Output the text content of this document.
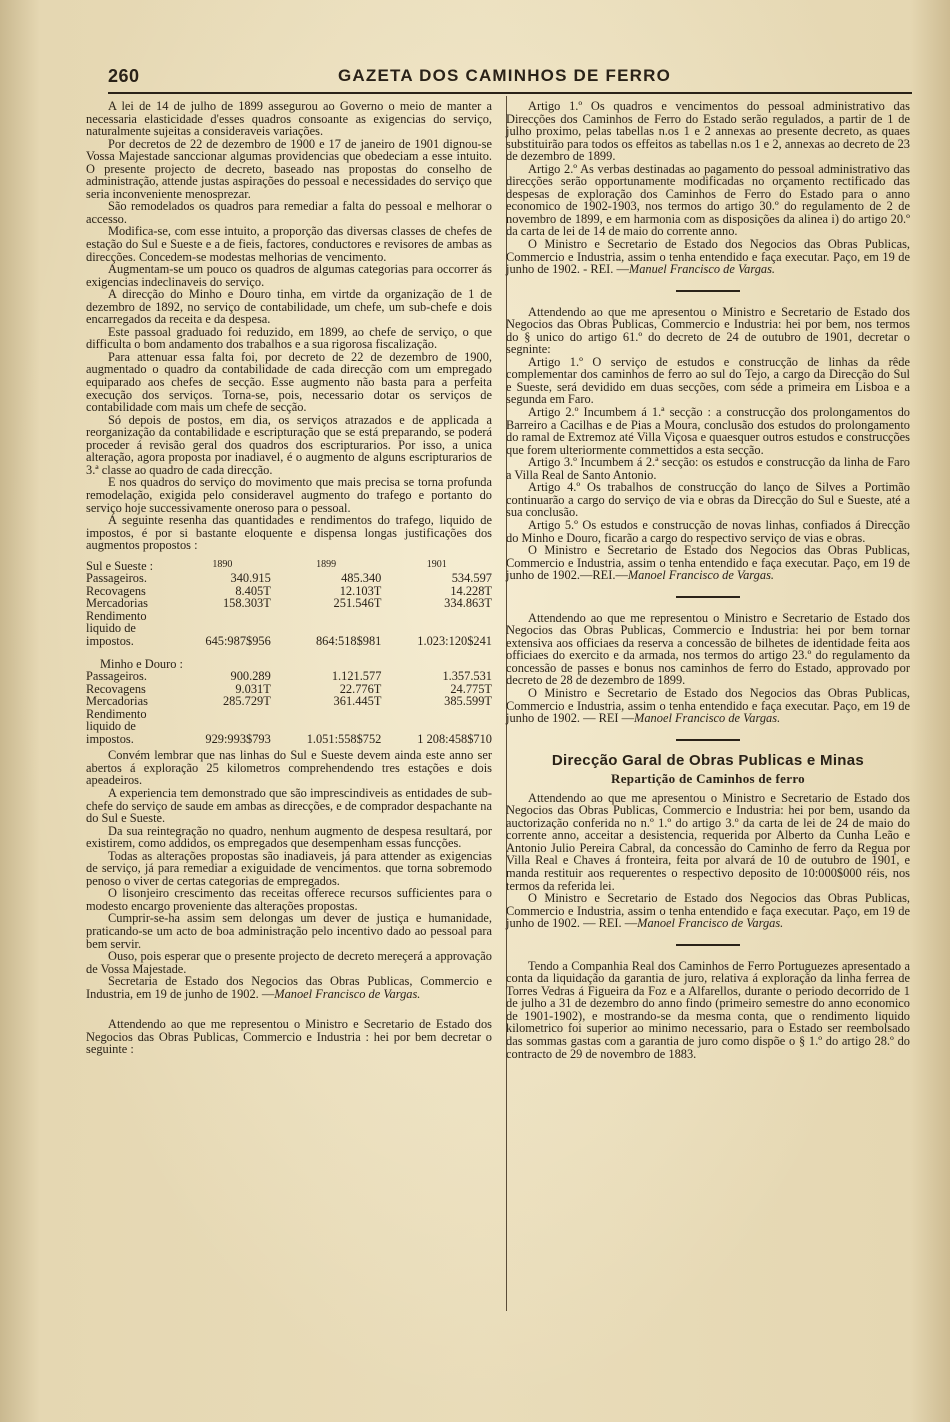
260	GAZETA DOS CAMINHOS DE FERRO

A lei de 14 de julho de 1899 assegurou ao Governo o meio de manter a necessaria elasticidade d'esses quadros consoante as exigencias do serviço, naturalmente sujeitas a consideraveis variações.

Por decretos de 22 de dezembro de 1900 e 17 de janeiro de 1901 dignou-se Vossa Majestade sanccionar algumas providencias que obedeciam a esse intuito. O presente projecto de decreto, baseado nas propostas do conselho de administração, attende justas aspirações do pessoal e necessidades do serviço que seria inconveniente menosprezar.

São remodelados os quadros para remediar a falta do pessoal e melhorar o accesso.

Modifica-se, com esse intuito, a proporção das diversas classes de chefes de estação do Sul e Sueste e a de fieis, factores, conductores e revisores de ambas as direcções. Concedem-se modestas melhorias de vencimento.

Augmentam-se um pouco os quadros de algumas categorias para occorrer ás exigencias indeclinaveis do serviço.

A direcção do Minho e Douro tinha, em virtde da organização de 1 de dezembro de 1892, no serviço de contabilidade, um chefe, um sub-chefe e dois encarregados da receita e da despesa.

Este passoal graduado foi reduzido, em 1899, ao chefe de serviço, o que difficulta o bom andamento dos trabalhos e a sua rigorosa fiscalização.

Para attenuar essa falta foi, por decreto de 22 de dezembro de 1900, augmentado o quadro da contabilidade de cada direcção com um empregado equiparado aos chefes de secção. Esse augmento não basta para a perfeita execução dos serviços. Torna-se, pois, necessario dotar os serviços de contabilidade com mais um chefe de secção.

Só depois de postos, em dia, os serviços atrazados e de applicada a reorganização da contabilidade e escripturação que se está preparando, se poderá proceder á revisão geral dos quadros dos escripturarios. Por isso, a unica alteração, agora proposta por inadiavel, é o augmento de alguns escripturarios de 3.ª classe ao quadro de cada direcção.

E nos quadros do serviço do movimento que mais precisa se torna profunda remodelação, exigida pelo consideravel augmento do trafego e portanto do serviço hoje successivamente oneroso para o pessoal.

A seguinte resenha das quantidades e rendimentos do trafego, liquido de impostos, é por si bastante eloquente e dispensa longas justificações dos augmentos propostos :

Sul e Sueste :	1890	1899	1901
Passageiros.	340.915	485.340	534.597
Recovagens	8.405T	12.103T	14.228T
Mercadorias	158.303T	251.546T	334.863T
Rendimento liquido de impostos.	645:987$956	864:518$981	1.023:120$241

Minho e Douro :			
Passageiros.	900.289	1.121.577	1.357.531
Recovagens	9.031T	22.776T	24.775T
Mercadorias	285.729T	361.445T	385.599T
Rendimento liquido de impostos.	929:993$793	1.051:558$752	1 208:458$710

Convém lembrar que nas linhas do Sul e Sueste devem ainda este anno ser abertos á exploração 25 kilometros comprehendendo tres estações e dois apeadeiros.

A experiencia tem demonstrado que são imprescindiveis as entidades de sub-chefe do serviço de saude em ambas as direcções, e de comprador despachante na do Sul e Sueste.

Da sua reintegração no quadro, nenhum augmento de despesa resultará, por existirem, como addidos, os empregados que desempenham essas funcções.

Todas as alterações propostas são inadiaveis, já para attender as exigencias de serviço, já para remediar a exiguidade de vencimentos. que torna sobremodo penoso o viver de certas categorias de empregados.

O lisonjeiro crescimento das receitas offerece recursos sufficientes para o modesto encargo proveniente das alterações propostas.

Cumprir-se-ha assim sem delongas um dever de justiça e humanidade, praticando-se um acto de boa administração pelo incentivo dado ao pessoal para bem servir.

Ouso, pois esperar que o presente projecto de decreto mereçerá a approvação de Vossa Majestade.

Secretaria de Estado dos Negocios das Obras Publicas, Commercio e Industria, em 19 de junho de 1902. —Manoel Francisco de Vargas.

Attendendo ao que me representou o Ministro e Secretario de Estado dos Negocios das Obras Publicas, Commercio e Industria : hei por bem decretar o seguinte :

Artigo 1.º Os quadros e vencimentos do pessoal administrativo das Direcções dos Caminhos de Ferro do Estado serão regulados, a partir de 1 de julho proximo, pelas tabellas n.os 1 e 2 annexas ao presente decreto, as quaes substituirão para todos os effeitos as tabellas n.os 1 e 2, annexas ao decreto de 23 de dezembro de 1899.

Artigo 2.º As verbas destinadas ao pagamento do pessoal administrativo das direcções serão opportunamente modificadas no orçamento rectificado das despesas de exploração dos Caminhos de Ferro do Estado para o anno economico de 1902-1903, nos termos do artigo 30.º do regulamento de 2 de novembro de 1899, e em harmonia com as disposições da alinea i) do artigo 20.º da carta de lei de 14 de maio do corrente anno.

O Ministro e Secretario de Estado dos Negocios das Obras Publicas, Commercio e Industria, assim o tenha entendido e faça executar. Paço, em 19 de junho de 1902. - REI. —Manuel Francisco de Vargas.

Attendendo ao que me apresentou o Ministro e Secretario de Estado dos Negocios das Obras Publicas, Commercio e Industria: hei por bem, nos termos do § unico do artigo 61.º do decreto de 24 de outubro de 1901, decretar o segninte:

Artigo 1.º O serviço de estudos e construcção de linhas da rêde complementar dos caminhos de ferro ao sul do Tejo, a cargo da Direcção do Sul e Sueste, será devidido em duas secções, com séde a primeira em Lisboa e a segunda em Faro.

Artigo 2.º Incumbem á 1.ª secção : a construcção dos prolongamentos do Barreiro a Cacilhas e de Pias a Moura, conclusão dos estudos do prolongamento do ramal de Extremoz até Villa Viçosa e quaesquer outros estudos e construcções que forem ulteriormente commettidos a esta secção.

Artigo 3.º Incumbem á 2.ª secção: os estudos e construcção da linha de Faro a Villa Real de Santo Antonio.

Artigo 4.º Os trabalhos de construcção do lanço de Silves a Portimão continuarão a cargo do serviço de via e obras da Direcção do Sul e Sueste, até a sua conclusão.

Artigo 5.º Os estudos e construcção de novas linhas, confiados á Direcção do Minho e Douro, ficarão a cargo do respectivo serviço de vias e obras.

O Ministro e Secretario de Estado dos Negocios das Obras Publicas, Commercio e Industria, assim o tenha entendido e faça executar. Paço, em 19 de junho de 1902.—REI.—Manoel Francisco de Vargas.

Attendendo ao que me representou o Ministro e Secretario de Estado dos Negocios das Obras Publicas, Commercio e Industria: hei por bem tornar extensiva aos officiaes da reserva a concessão de bilhetes de identidade feita aos officiaes do exercito e da armada, nos termos do artigo 23.º do regulamento da concessão de passes e bonus nos caminhos de ferro do Estado, approvado por decreto de 28 de dezembro de 1899.

O Ministro e Secretario de Estado dos Negocios das Obras Publicas, Commercio e Industria, assim o tenha entendido e faça executar. Paço, em 19 de junho de 1902. — REI —Manoel Francisco de Vargas.

Direcção Garal de Obras Publicas e Minas
Repartição de Caminhos de ferro

Attendendo ao que me apresentou o Ministro e Secretario de Estado dos Negocios das Obras Publicas, Commercio e Industria: hei por bem, usando da auctorização conferida no n.º 1.º do artigo 3.º da carta de lei de 24 de maio do corrente anno, acceitar a desistencia, requerida por Alberto da Cunha Leão e Antonio Julio Pereira Cabral, da concessão do Caminho de ferro da Regua por Villa Real e Chaves á fronteira, feita por alvará de 10 de outubro de 1901, e manda restituir aos requerentes o respectivo deposito de 10:000$000 réis, nos termos da referida lei.

O Ministro e Secretario de Estado dos Negocios das Obras Publicas, Commercio e Industria, assim o tenha entendido e faça executar. Paço, em 19 de junho de 1902. — REI. —Manoel Francisco de Vargas.

Tendo a Companhia Real dos Caminhos de Ferro Portuguezes apresentado a conta da liquidação da garantia de juro, relativa á exploração da linha ferrea de Torres Vedras á Figueira da Foz e a Alfarellos, durante o periodo decorrido de 1 de julho a 31 de dezembro do anno findo (primeiro semestre do anno economico de 1901-1902), e mostrando-se da mesma conta, que o rendimento liquido kilometrico foi superior ao minimo necessario, para o Estado ser reembolsado das sommas gastas com a garantia de juro como dispõe o § 1.º do artigo 28.º do contracto de 29 de novembro de 1883.
